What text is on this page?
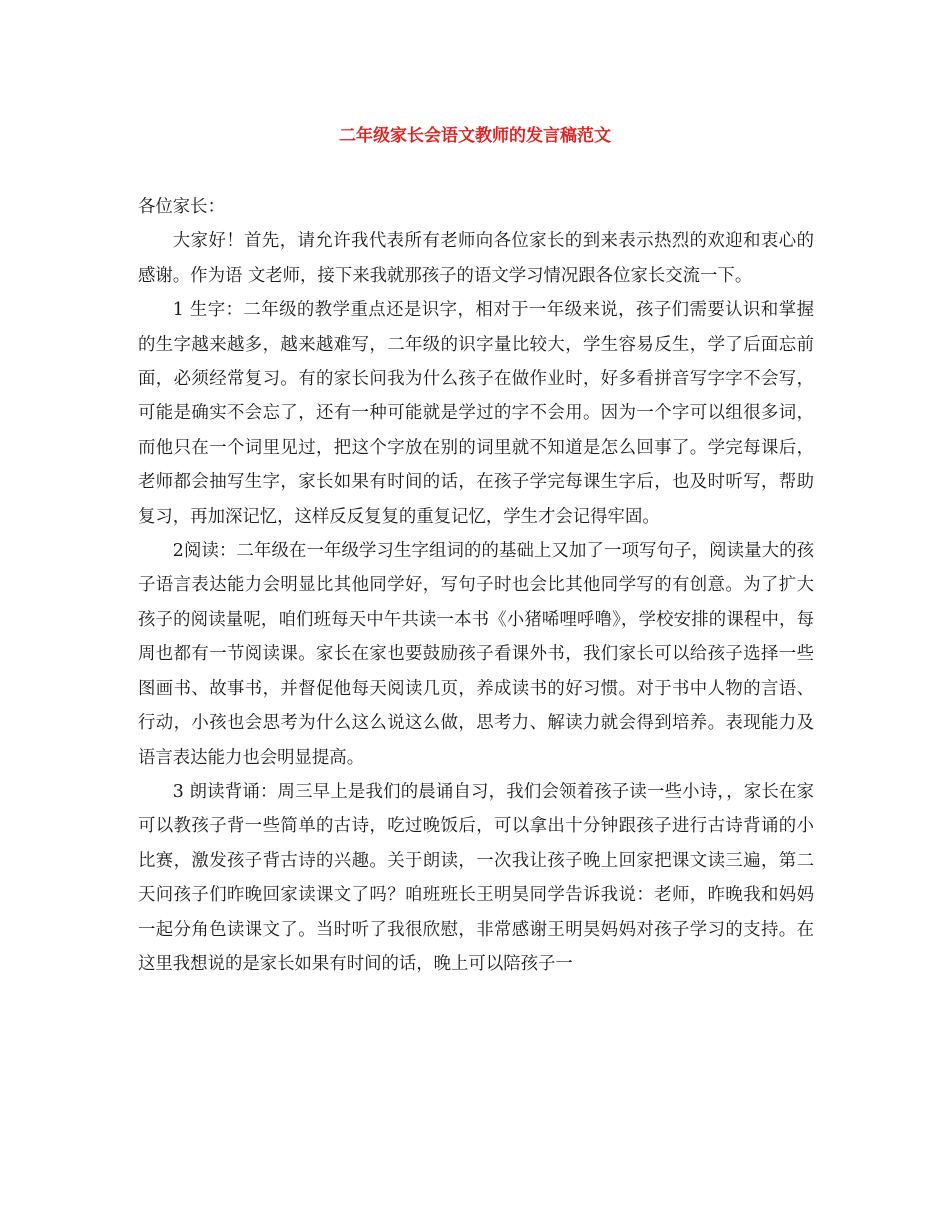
二年级家长会语文教师的发言稿范文

各位家长：

大家好！首先，请允许我代表所有老师向各位家长的到来表示热烈的欢迎和衷心的感谢。作为语 文老师，接下来我就那孩子的语文学习情况跟各位家长交流一下。

1 生字：二年级的教学重点还是识字，相对于一年级来说，孩子们需要认识和掌握的生字越来越多，越来越难写，二年级的识字量比较大，学生容易反生，学了后面忘前面，必须经常复习。有的家长问我为什么孩子在做作业时，好多看拼音写字字不会写，可能是确实不会忘了，还有一种可能就是学过的字不会用。因为一个字可以组很多词，而他只在一个词里见过，把这个字放在别的词里就不知道是怎么回事了。学完每课后，老师都会抽写生字，家长如果有时间的话，在孩子学完每课生字后，也及时听写，帮助复习，再加深记忆，这样反反复复的重复记忆，学生才会记得牢固。

2阅读：二年级在一年级学习生字组词的的基础上又加了一项写句子，阅读量大的孩子语言表达能力会明显比其他同学好，写句子时也会比其他同学写的有创意。为了扩大孩子的阅读量呢，咱们班每天中午共读一本书《小猪唏哩呼噜》，学校安排的课程中，每周也都有一节阅读课。家长在家也要鼓励孩子看课外书，我们家长可以给孩子选择一些图画书、故事书，并督促他每天阅读几页，养成读书的好习惯。对于书中人物的言语、行动，小孩也会思考为什么这么说这么做，思考力、解读力就会得到培养。表现能力及语言表达能力也会明显提高。

3 朗读背诵：周三早上是我们的晨诵自习，我们会领着孩子读一些小诗，，家长在家可以教孩子背一些简单的古诗，吃过晚饭后，可以拿出十分钟跟孩子进行古诗背诵的小比赛，激发孩子背古诗的兴趣。关于朗读，一次我让孩子晚上回家把课文读三遍，第二天问孩子们昨晚回家读课文了吗？咱班班长王明昊同学告诉我说：老师，昨晚我和妈妈一起分角色读课文了。当时听了我很欣慰，非常感谢王明昊妈妈对孩子学习的支持。在这里我想说的是家长如果有时间的话，晚上可以陪孩子一
